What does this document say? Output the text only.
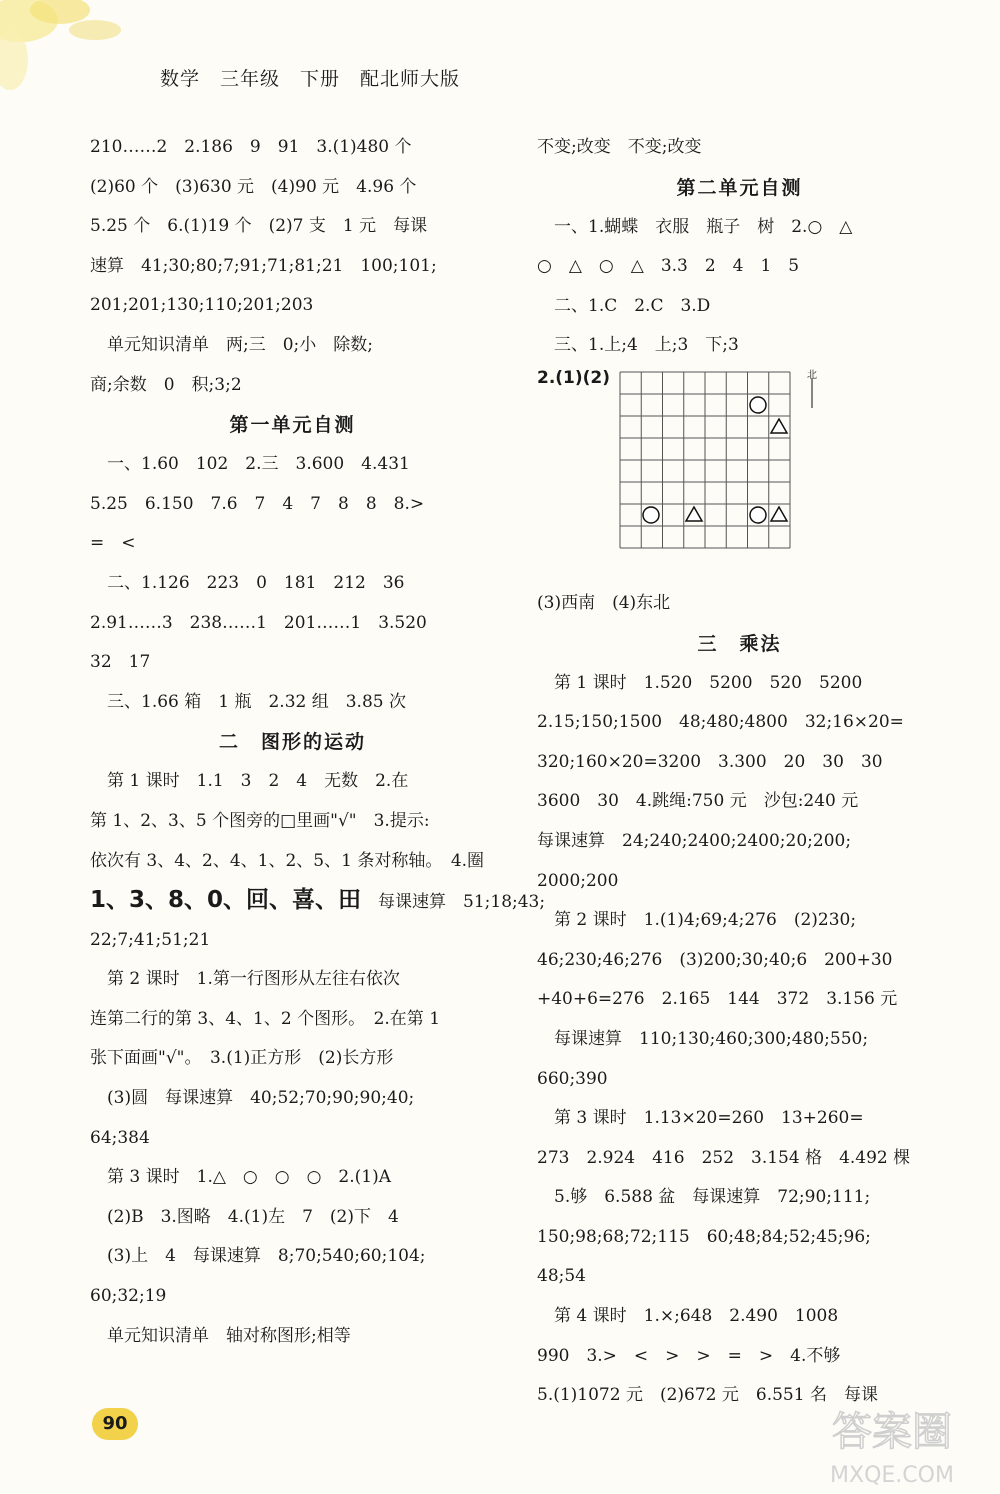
数学　三年级　下册　配北师大版
210……2　2.186　9　91　3.(1)480 个
(2)60 个　(3)630 元　(4)90 元　4.96 个
5.25 个　6.(1)19 个　(2)7 支　1 元　每课
速算　41;30;80;7;91;71;81;21　100;101;
201;201;130;110;201;203
　单元知识清单　两;三　0;小　除数;
商;余数　0　积;3;2
第一单元自测
　一、1.60　102　2.三　3.600　4.431
5.25　6.150　7.6　7　4　7　8　8　8.>
=　<
　二、1.126　223　0　181　212　36
2.91……3　238……1　201……1　3.520
32　17
　三、1.66 箱　1 瓶　2.32 组　3.85 次
二　图形的运动
　第 1 课时　1.1　3　2　4　无数　2.在
第 1、2、3、5 个图旁的□里画"√"　3.提示:
依次有 3、4、2、4、1、2、5、1 条对称轴。　4.圈
1、3、8、0、回、喜、田　每课速算　51;18;43;
22;7;41;51;21
　第 2 课时　1.第一行图形从左往右依次
连第二行的第 3、4、1、2 个图形。　2.在第 1
张下面画"√"。　3.(1)正方形　(2)长方形
　(3)圆　每课速算　40;52;70;90;90;40;
64;384
　第 3 课时　1.△　○　○　○　2.(1)A
　(2)B　3.图略　4.(1)左　7　(2)下　4
　(3)上　4　每课速算　8;70;540;60;104;
60;32;19
　单元知识清单　轴对称图形;相等
不变;改变　不变;改变
第二单元自测
　一、1.蝴蝶　衣服　瓶子　树　2.○　△
○　△　○　△　3.3　2　4　1　5
　二、1.C　2.C　3.D
　三、1.上;4　上;3　下;3
2.(1)(2)	北
(3)西南　(4)东北
三　乘法
　第 1 课时　1.520　5200　520　5200
2.15;150;1500　48;480;4800　32;16×20=
320;160×20=3200　3.300　20　30　30
3600　30　4.跳绳:750 元　沙包:240 元
每课速算　24;240;2400;2400;20;200;
2000;200
　第 2 课时　1.(1)4;69;4;276　(2)230;
46;230;46;276　(3)200;30;40;6　200+30
+40+6=276　2.165　144　372　3.156 元
　每课速算　110;130;460;300;480;550;
660;390
　第 3 课时　1.13×20=260　13+260=
273　2.924　416　252　3.154 格　4.492 棵
　5.够　6.588 盆　每课速算　72;90;111;
150;98;68;72;115　60;48;84;52;45;96;
48;54
　第 4 课时　1.×;648　2.490　1008
990　3.>　<　>　>　=　>　4.不够
5.(1)1072 元　(2)672 元　6.551 名　每课
90	答案圈
MXQE.COM
